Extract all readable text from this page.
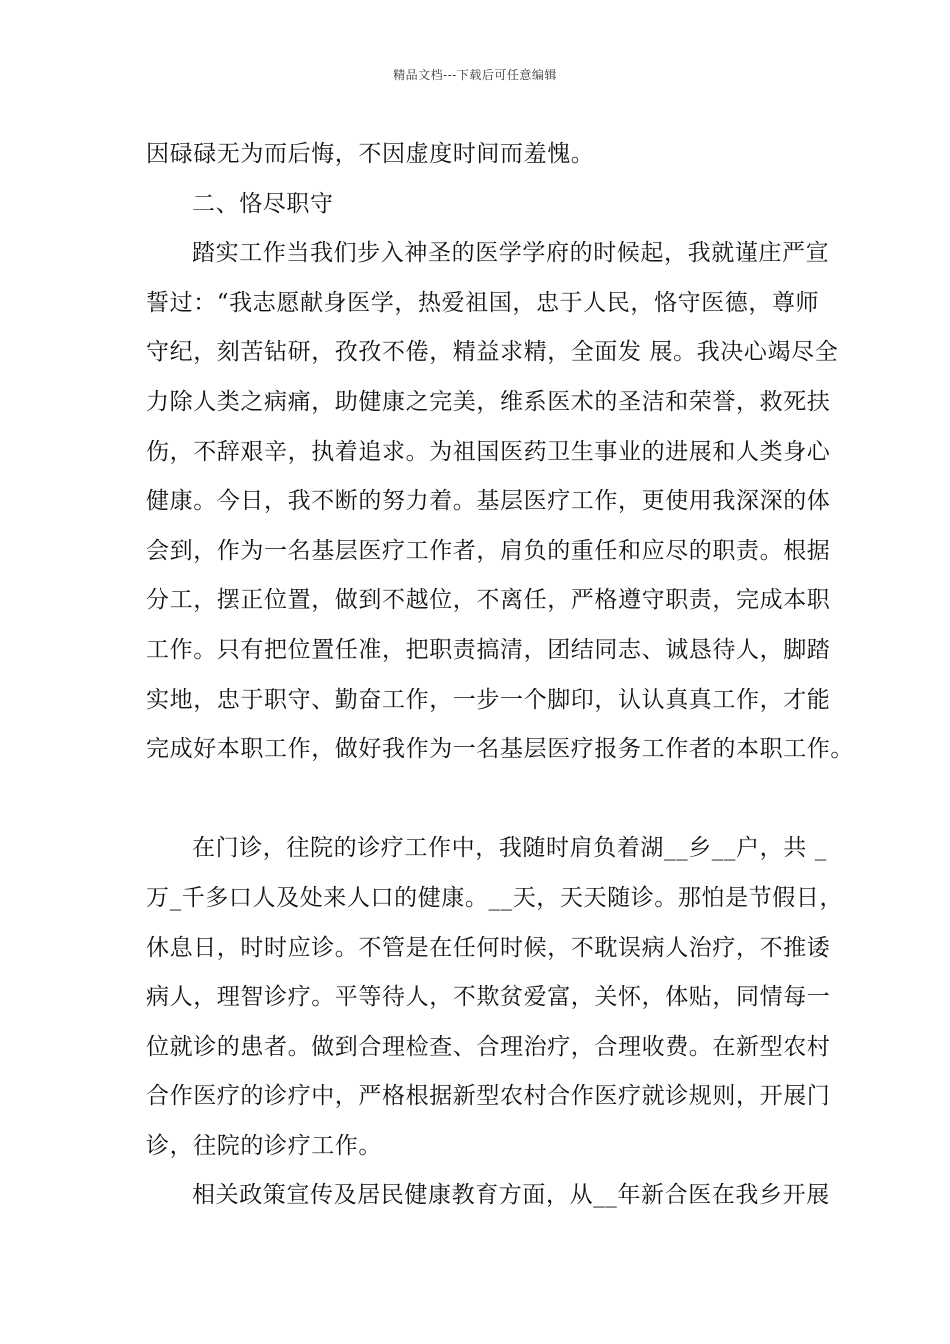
精品文档---下载后可任意编辑
因碌碌无为而后悔，不因虚度时间而羞愧。
二、恪尽职守
踏实工作当我们步入神圣的医学学府的时候起，我就谨庄严宣
誓过：“我志愿献身医学，热爱祖国，忠于人民，恪守医德，尊师
守纪，刻苦钻研，孜孜不倦，精益求精，全面发 展。我决心竭尽全
力除人类之病痛，助健康之完美，维系医术的圣洁和荣誉，救死扶
伤，不辞艰辛，执着追求。为祖国医药卫生事业的进展和人类身心
健康。今日，我不断的努力着。基层医疗工作，更使用我深深的体
会到，作为一名基层医疗工作者，肩负的重任和应尽的职责。根据
分工，摆正位置，做到不越位，不离任，严格遵守职责，完成本职
工作。只有把位置任准，把职责搞清，团结同志、诚恳待人，脚踏
实地，忠于职守、勤奋工作，一步一个脚印，认认真真工作，才能
完成好本职工作，做好我作为一名基层医疗报务工作者的本职工作。
在门诊，往院的诊疗工作中，我随时肩负着湖__乡__户，共 _
万_千多口人及处来人口的健康。__天，天天随诊。那怕是节假日，
休息日，时时应诊。不管是在任何时候，不耽误病人治疗，不推诿
病人，理智诊疗。平等待人，不欺贫爱富，关怀，体贴，同情每一
位就诊的患者。做到合理检查、合理治疗，合理收费。在新型农村
合作医疗的诊疗中，严格根据新型农村合作医疗就诊规则，开展门
诊，往院的诊疗工作。
相关政策宣传及居民健康教育方面，从__年新合医在我乡开展
